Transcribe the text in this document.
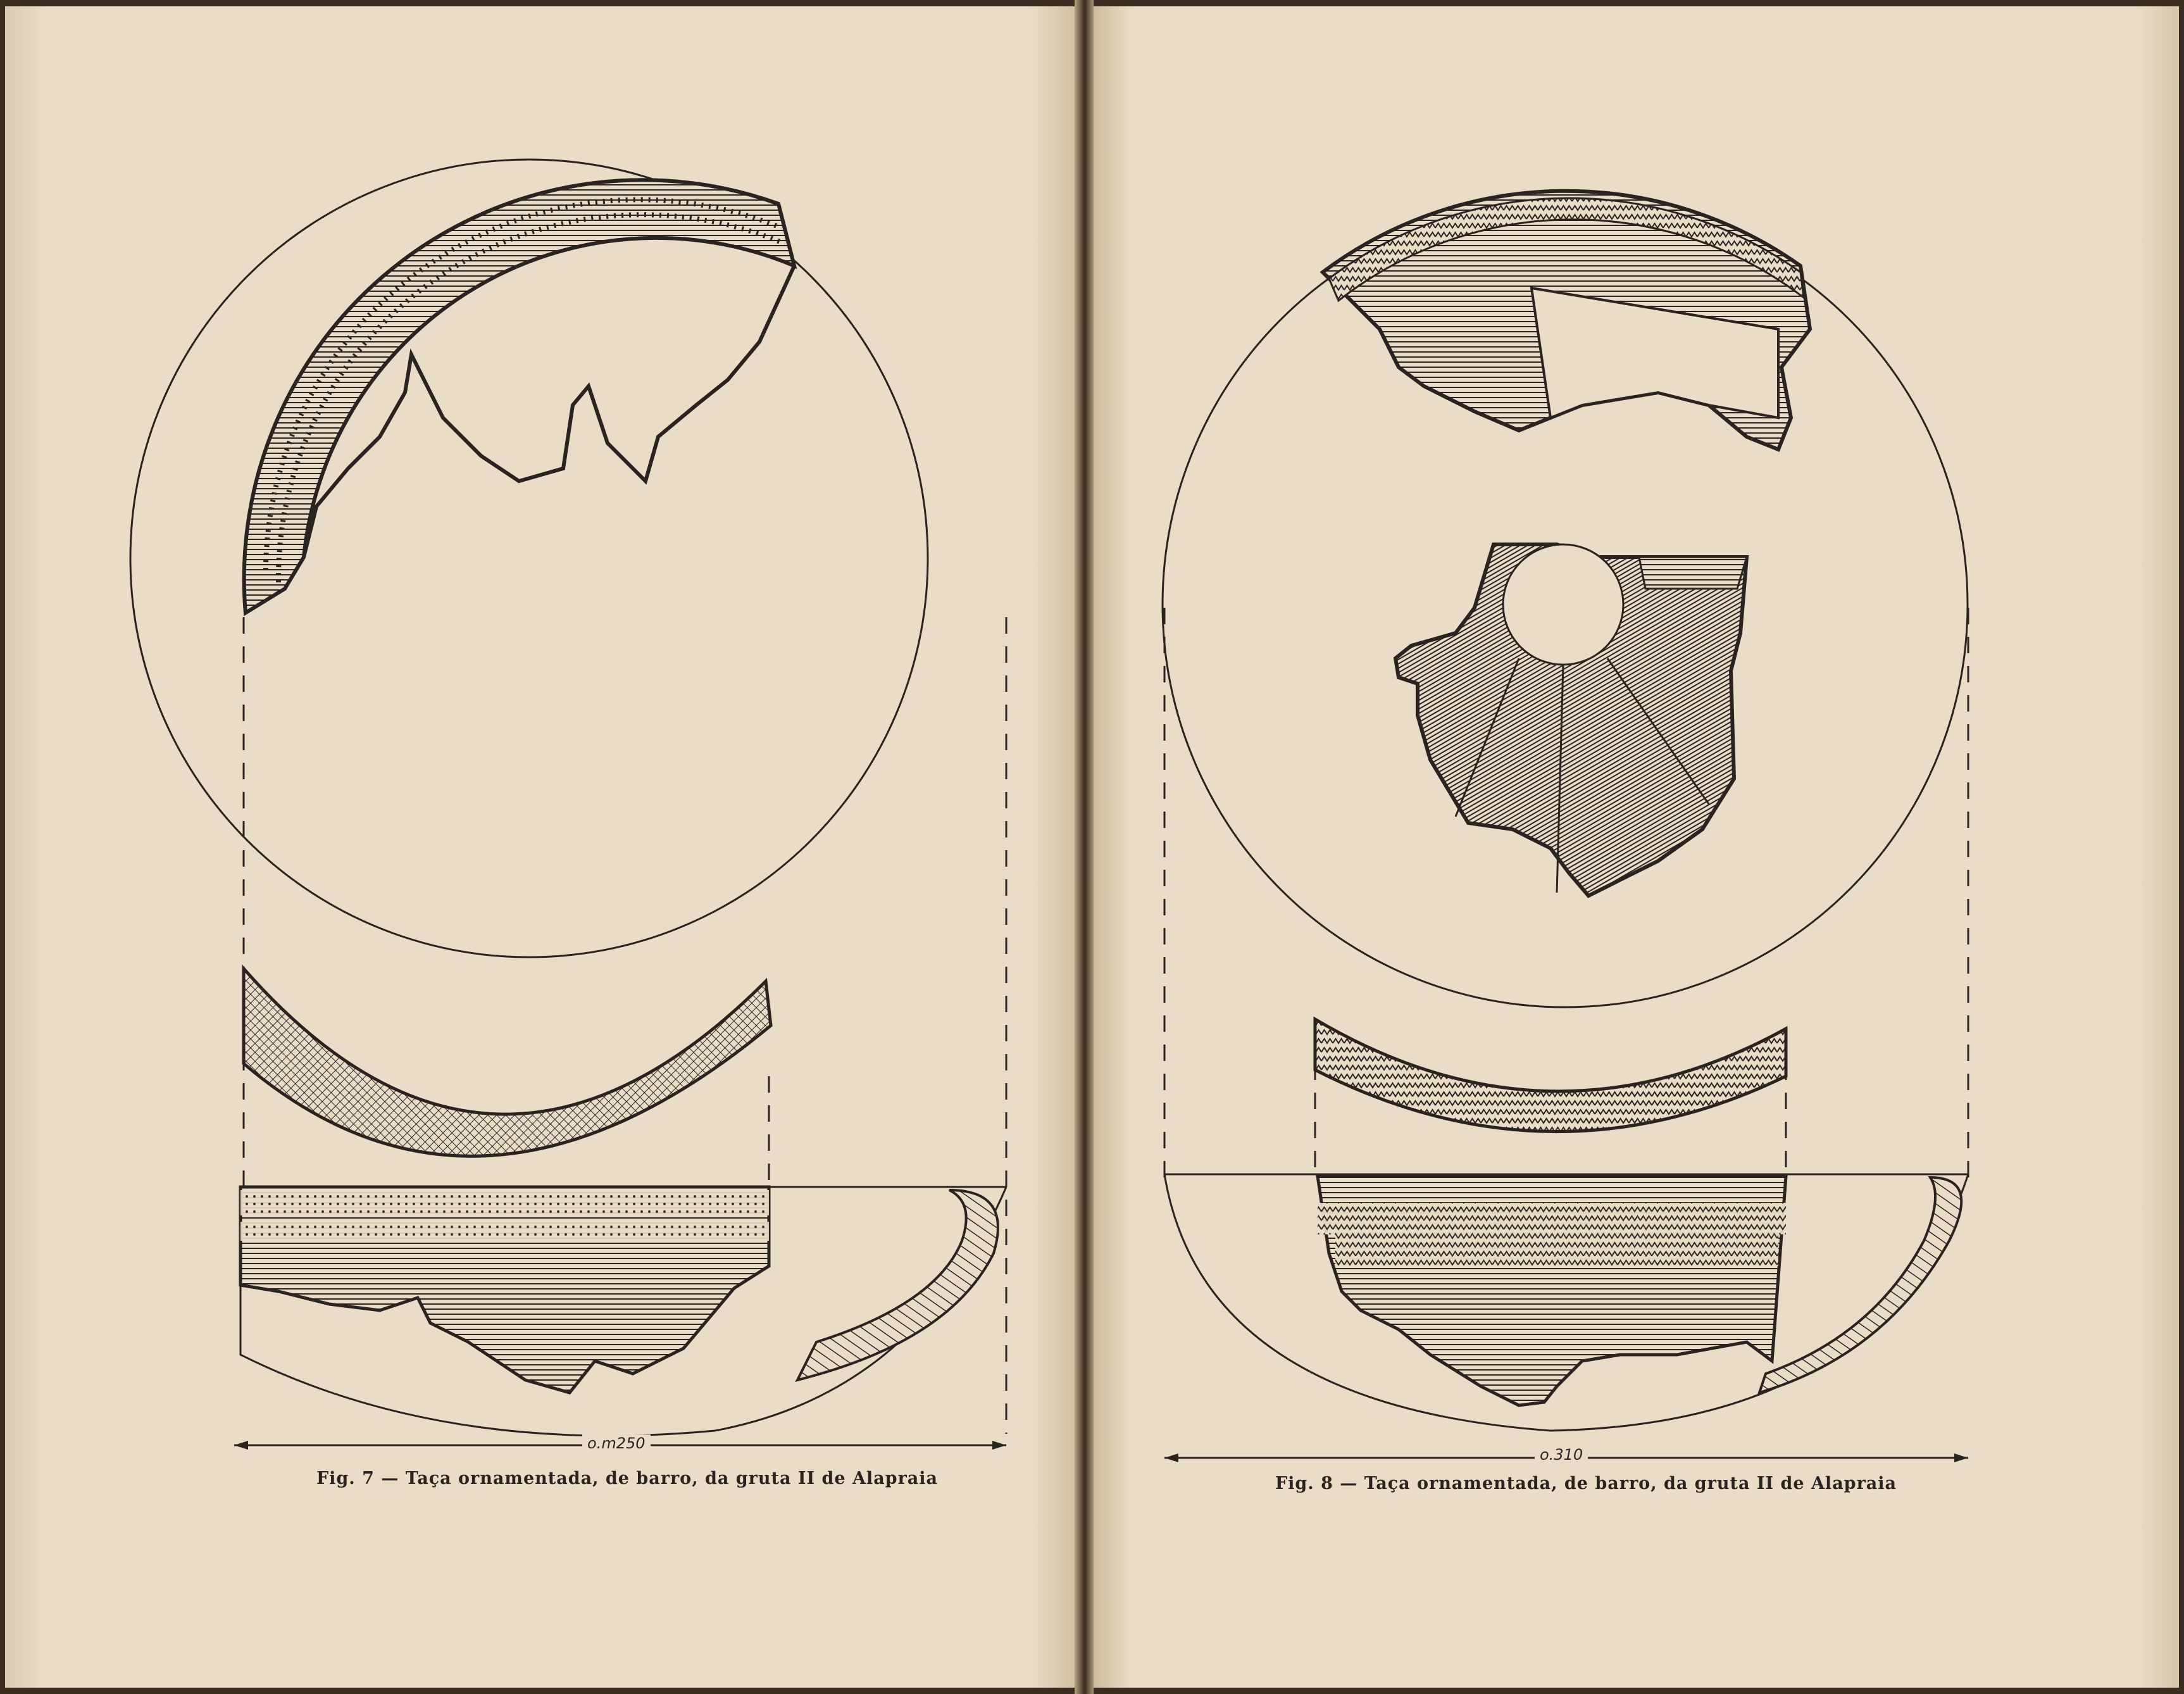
o.m250
o.310
Fig. 7 — Taça ornamentada, de barro, da gruta II de Alapraia	Fig. 8 — Taça ornamentada, de barro, da gruta II de Alapraia
